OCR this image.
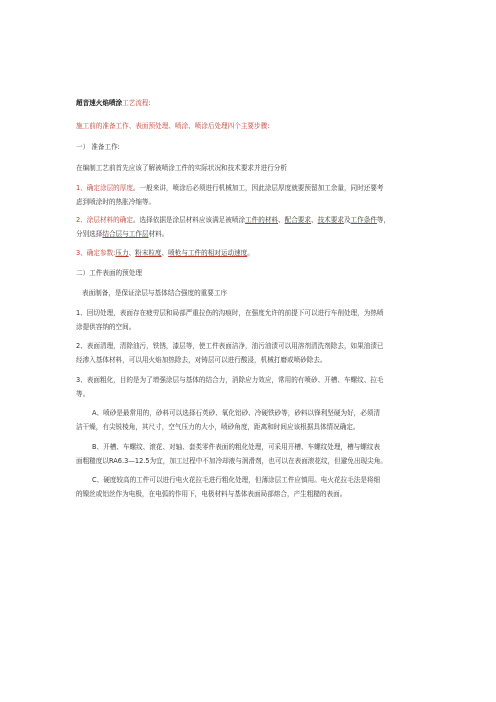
超音速火焰喷涂工艺流程:
施工前的准备工作、表面预处理、喷涂、喷涂后处理四个主要步骤:
一） 准备工作:
在编制工艺前首先应该了解被喷涂工件的实际状况和技术要求并进行分析
1、确定涂层的厚度。一般来讲，喷涂后必须进行机械加工，因此涂层厚度就要预留加工余量，同时还要考
虑到喷涂时的热胀冷缩等。
2、涂层材料的确定。选择依据是涂层材料应该满足被喷涂工件的材料、配合要求、技术要求及工作条件等，
分别选择结合层与工作层材料。
3、确定参数:压力、粉末粒度、喷枪与工件的相对运动速度。
二）工件表面的预处理
表面制备，是保证涂层与基体结合强度的重要工序
1、回切处理，表面存在疲劳层和局部严重拉伤的沟痕时，在强度允许的前提下可以进行车削处理，为热喷
涂提供容纳的空间。
2、表面清理，清除油污，铁锈，漆层等，使工件表面洁净，油污油渍可以用溶剂清洗剂除去，如果油渍已
经渗入基体材料，可以用火焰加热除去，对铸层可以进行酸浸，机械打磨或喷砂除去。
3、表面粗化，目的是为了增强涂层与基体的结合力，消除应力效应，常用的有喷砂、开槽、车螺纹、拉毛
等。
A、喷砂是最常用的，砂料可以选择石英砂、氧化铝砂、冷硬铁砂等，砂料以锋利坚硬为好，必须清
洁干燥，有尖锐棱角，其尺寸，空气压力的大小，喷砂角度，距离和时间应该根据具体情况确定。
B、开槽、车螺纹、滚花、对轴、套类零件表面的粗化处理，可采用开槽、车螺纹处理，槽与螺纹表
面粗糙度以RA6.3—12.5为宜，加工过程中不加冷却液与润滑剂，也可以在表面滚花纹，但避免出现尖角。
C、硬度较高的工件可以进行电火花拉毛进行粗化处理，但薄涂层工件应慎用。电火花拉毛法是将细
的镍丝或铝丝作为电极，在电弧的作用下，电极材料与基体表面局部熔合，产生粗糙的表面。
